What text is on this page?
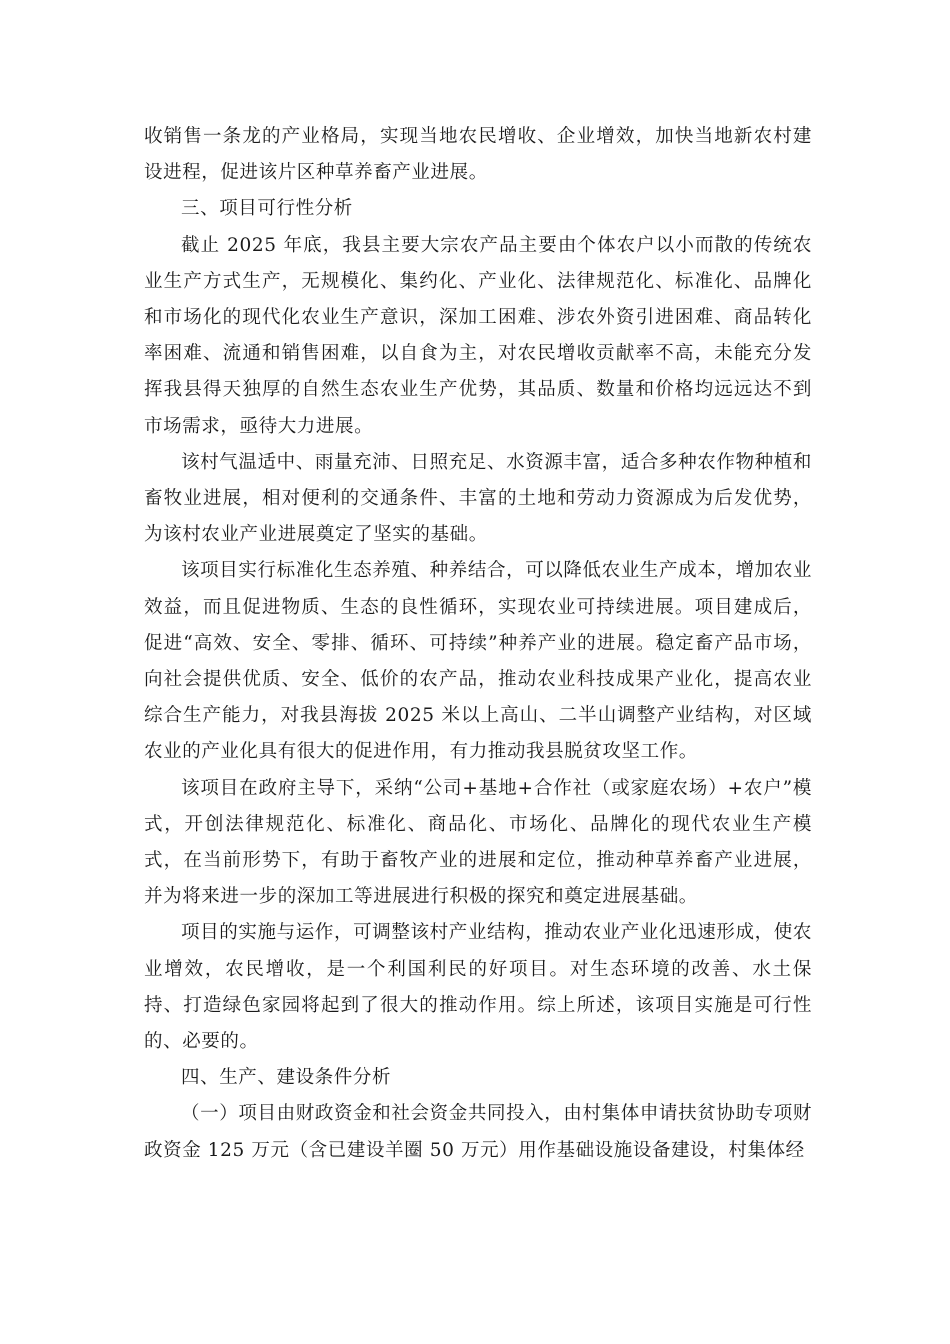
收销售一条龙的产业格局，实现当地农民增收、企业增效，加快当地新农村建设进程，促进该片区种草养畜产业进展。

三、项目可行性分析

截止 2025 年底，我县主要大宗农产品主要由个体农户以小而散的传统农业生产方式生产，无规模化、集约化、产业化、法律规范化、标准化、品牌化和市场化的现代化农业生产意识，深加工困难、涉农外资引进困难、商品转化率困难、流通和销售困难，以自食为主，对农民增收贡献率不高，未能充分发挥我县得天独厚的自然生态农业生产优势，其品质、数量和价格均远远达不到市场需求，亟待大力进展。

该村气温适中、雨量充沛、日照充足、水资源丰富，适合多种农作物种植和畜牧业进展，相对便利的交通条件、丰富的土地和劳动力资源成为后发优势，为该村农业产业进展奠定了坚实的基础。

该项目实行标准化生态养殖、种养结合，可以降低农业生产成本，增加农业效益，而且促进物质、生态的良性循环，实现农业可持续进展。项目建成后，促进“高效、安全、零排、循环、可持续”种养产业的进展。稳定畜产品市场，向社会提供优质、安全、低价的农产品，推动农业科技成果产业化，提高农业综合生产能力，对我县海拔 2025 米以上高山、二半山调整产业结构，对区域农业的产业化具有很大的促进作用，有力推动我县脱贫攻坚工作。

该项目在政府主导下，采纳“公司+基地+合作社（或家庭农场）+农户”模式，开创法律规范化、标准化、商品化、市场化、品牌化的现代农业生产模式，在当前形势下，有助于畜牧产业的进展和定位，推动种草养畜产业进展，并为将来进一步的深加工等进展进行积极的探究和奠定进展基础。

项目的实施与运作，可调整该村产业结构，推动农业产业化迅速形成，使农业增效，农民增收，是一个利国利民的好项目。对生态环境的改善、水土保持、打造绿色家园将起到了很大的推动作用。综上所述，该项目实施是可行性的、必要的。

四、生产、建设条件分析

（一）项目由财政资金和社会资金共同投入，由村集体申请扶贫协助专项财政资金 125 万元（含已建设羊圈 50 万元）用作基础设施设备建设，村集体经
